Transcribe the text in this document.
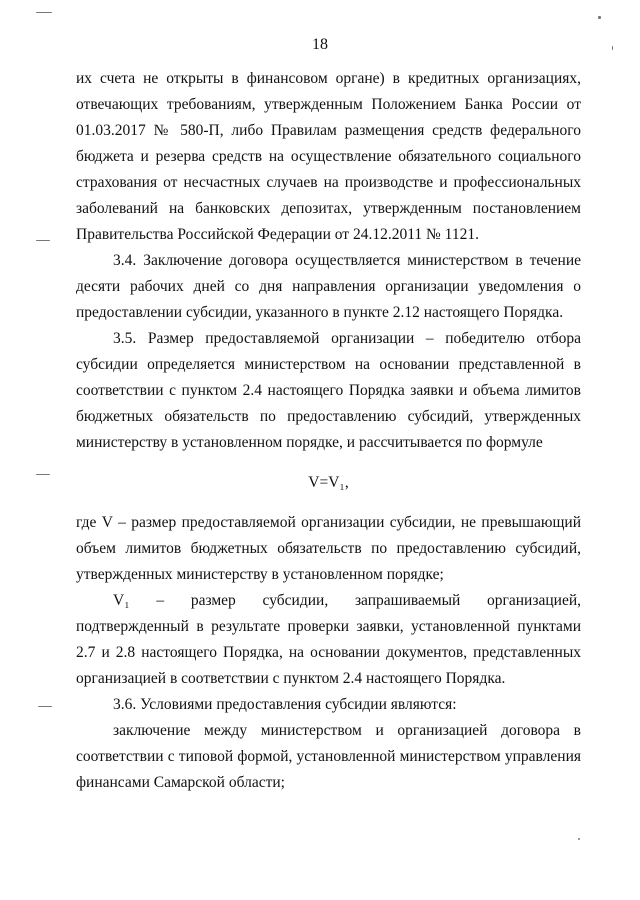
18

их счета не открыты в финансовом органе) в кредитных организациях, отвечающих требованиям, утвержденным Положением Банка России от 01.03.2017 № 580-П, либо Правилам размещения средств федерального бюджета и резерва средств на осуществление обязательного социального страхования от несчастных случаев на производстве и профессиональных заболеваний на банковских депозитах, утвержденным постановлением Правительства Российской Федерации от 24.12.2011 № 1121.

3.4. Заключение договора осуществляется министерством в течение десяти рабочих дней со дня направления организации уведомления о предоставлении субсидии, указанного в пункте 2.12 настоящего Порядка.

3.5. Размер предоставляемой организации – победителю отбора субсидии определяется министерством на основании представленной в соответствии с пунктом 2.4 настоящего Порядка заявки и объема лимитов бюджетных обязательств по предоставлению субсидий, утвержденных министерству в установленном порядке, и рассчитывается по формуле

V=V₁,

где V – размер предоставляемой организации субсидии, не превышающий объем лимитов бюджетных обязательств по предоставлению субсидий, утвержденных министерству в установленном порядке;

V₁ – размер субсидии, запрашиваемый организацией, подтвержденный в результате проверки заявки, установленной пунктами 2.7 и 2.8 настоящего Порядка, на основании документов, представленных организацией в соответствии с пунктом 2.4 настоящего Порядка.

3.6. Условиями предоставления субсидии являются:

заключение между министерством и организацией договора в соответствии с типовой формой, установленной министерством управления финансами Самарской области;
